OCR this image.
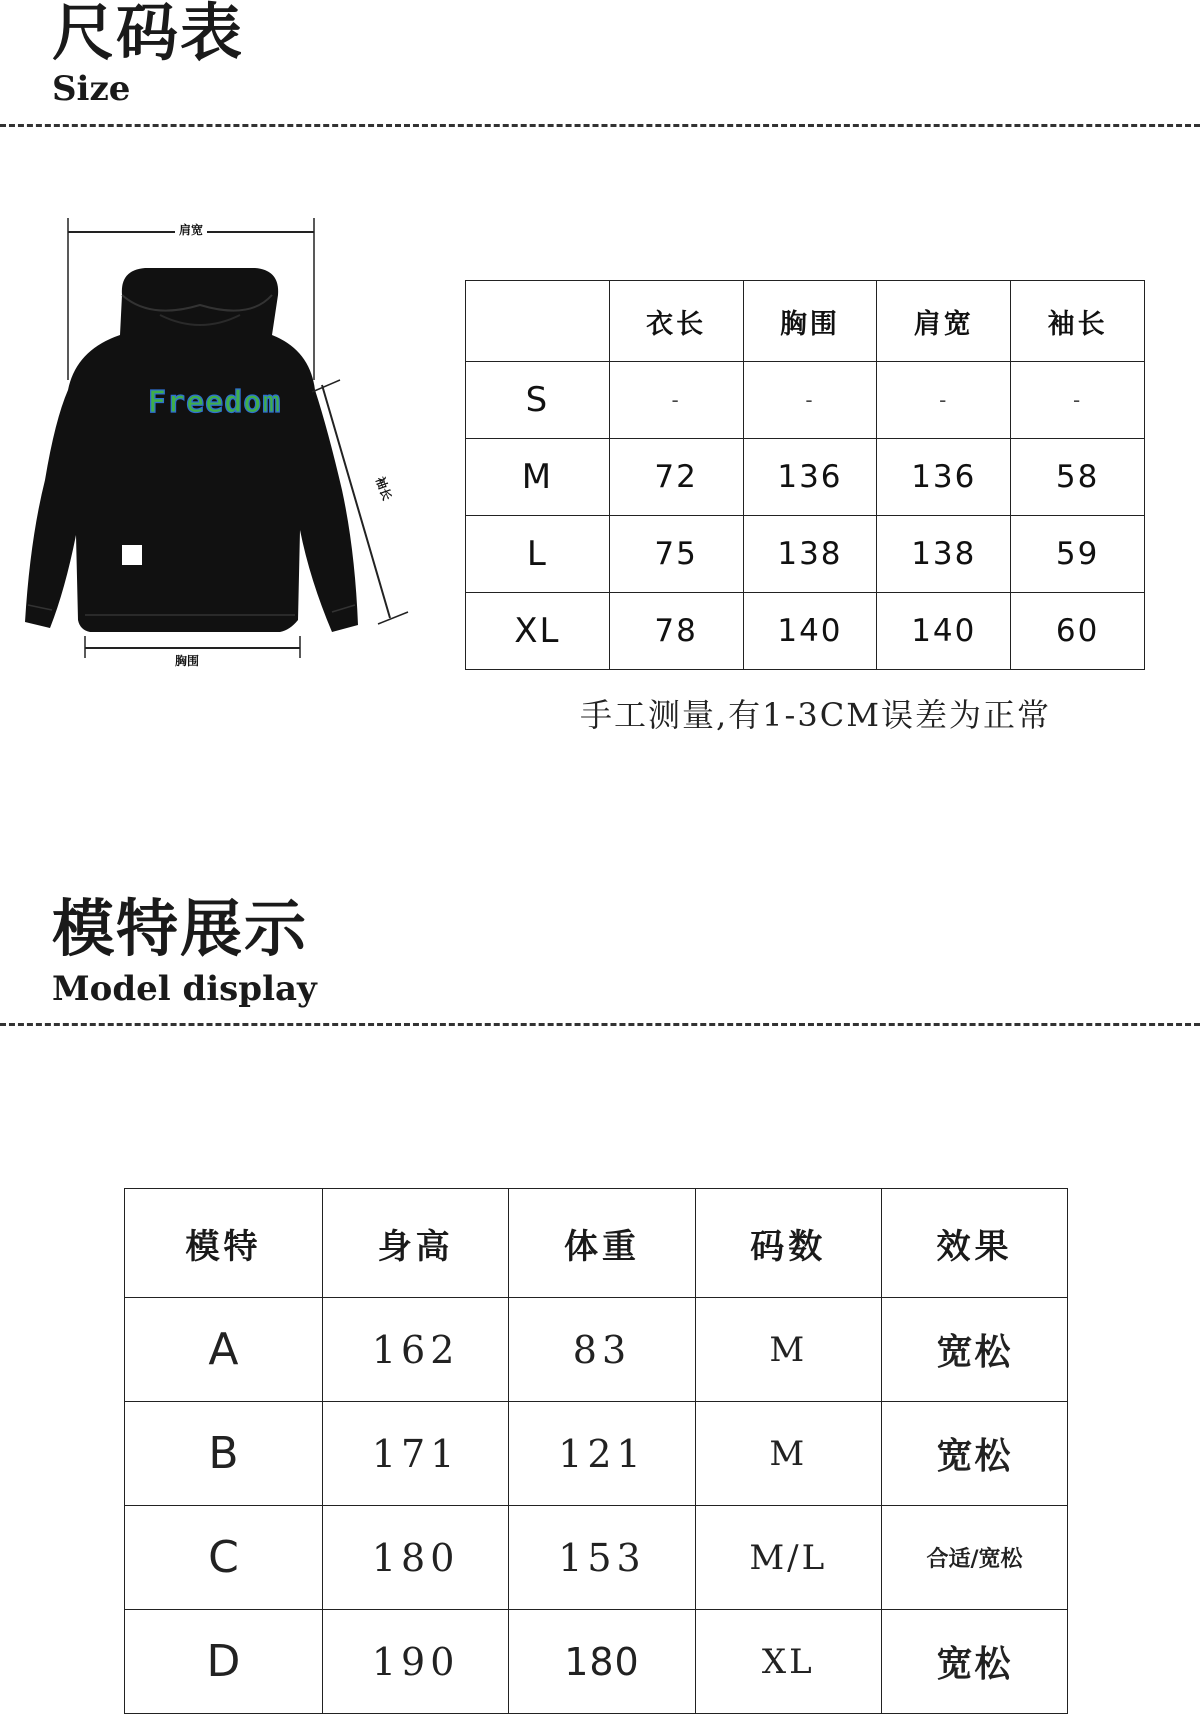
尺码表
Size
Freedom
肩宽
袖长
胸围
	衣长	胸围	肩宽	袖长
S	-	-	-	-
M	72	136	136	58
L	75	138	138	59
XL	78	140	140	60
手工测量,有1-3CM误差为正常
模特展示
Model display
模特	身高	体重	码数	效果
A	162	83	M	宽松
B	171	121	M	宽松
C	180	153	M/L	合适/宽松
D	190	180	XL	宽松
